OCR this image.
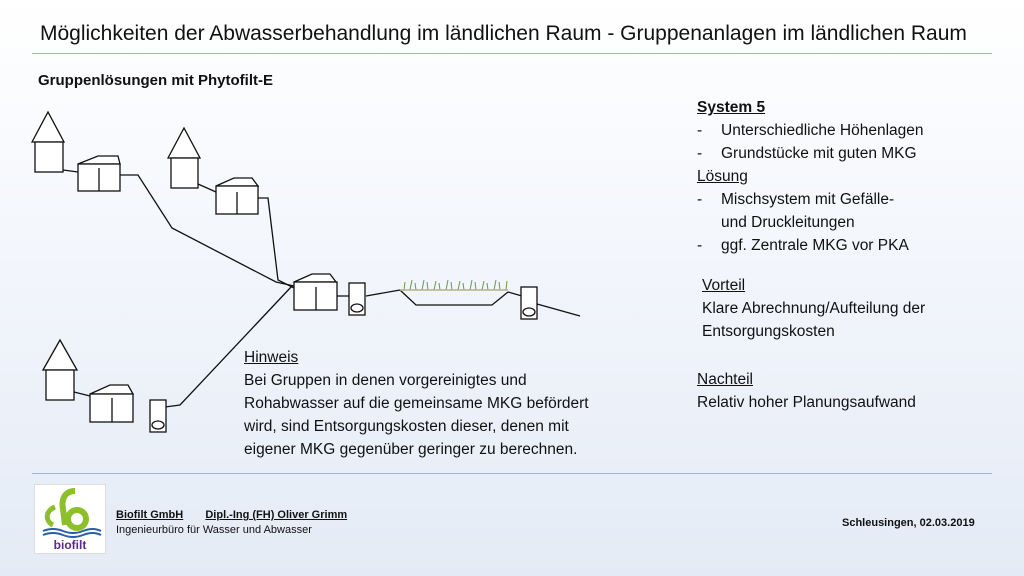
Möglichkeiten der Abwasserbehandlung im ländlichen Raum - Gruppenanlagen im ländlichen Raum
Gruppenlösungen mit Phytofilt-E
System 5
- Unterschiedliche Höhenlagen
- Grundstücke mit guten MKG
Lösung
- Mischsystem mit Gefälle-
und Druckleitungen
- ggf. Zentrale MKG vor PKA
Vorteil
Klare Abrechnung/Aufteilung der
Entsorgungskosten
Nachteil
Relativ hoher Planungsaufwand
Hinweis
Bei Gruppen in denen vorgereinigtes und
Rohabwasser auf die gemeinsame MKG befördert
wird, sind Entsorgungskosten dieser, denen mit
eigener MKG gegenüber geringer zu berechnen.
biofilt
Biofilt GmbH Dipl.-Ing (FH) Oliver Grimm
Ingenieurbüro für Wasser und Abwasser
Schleusingen, 02.03.2019
